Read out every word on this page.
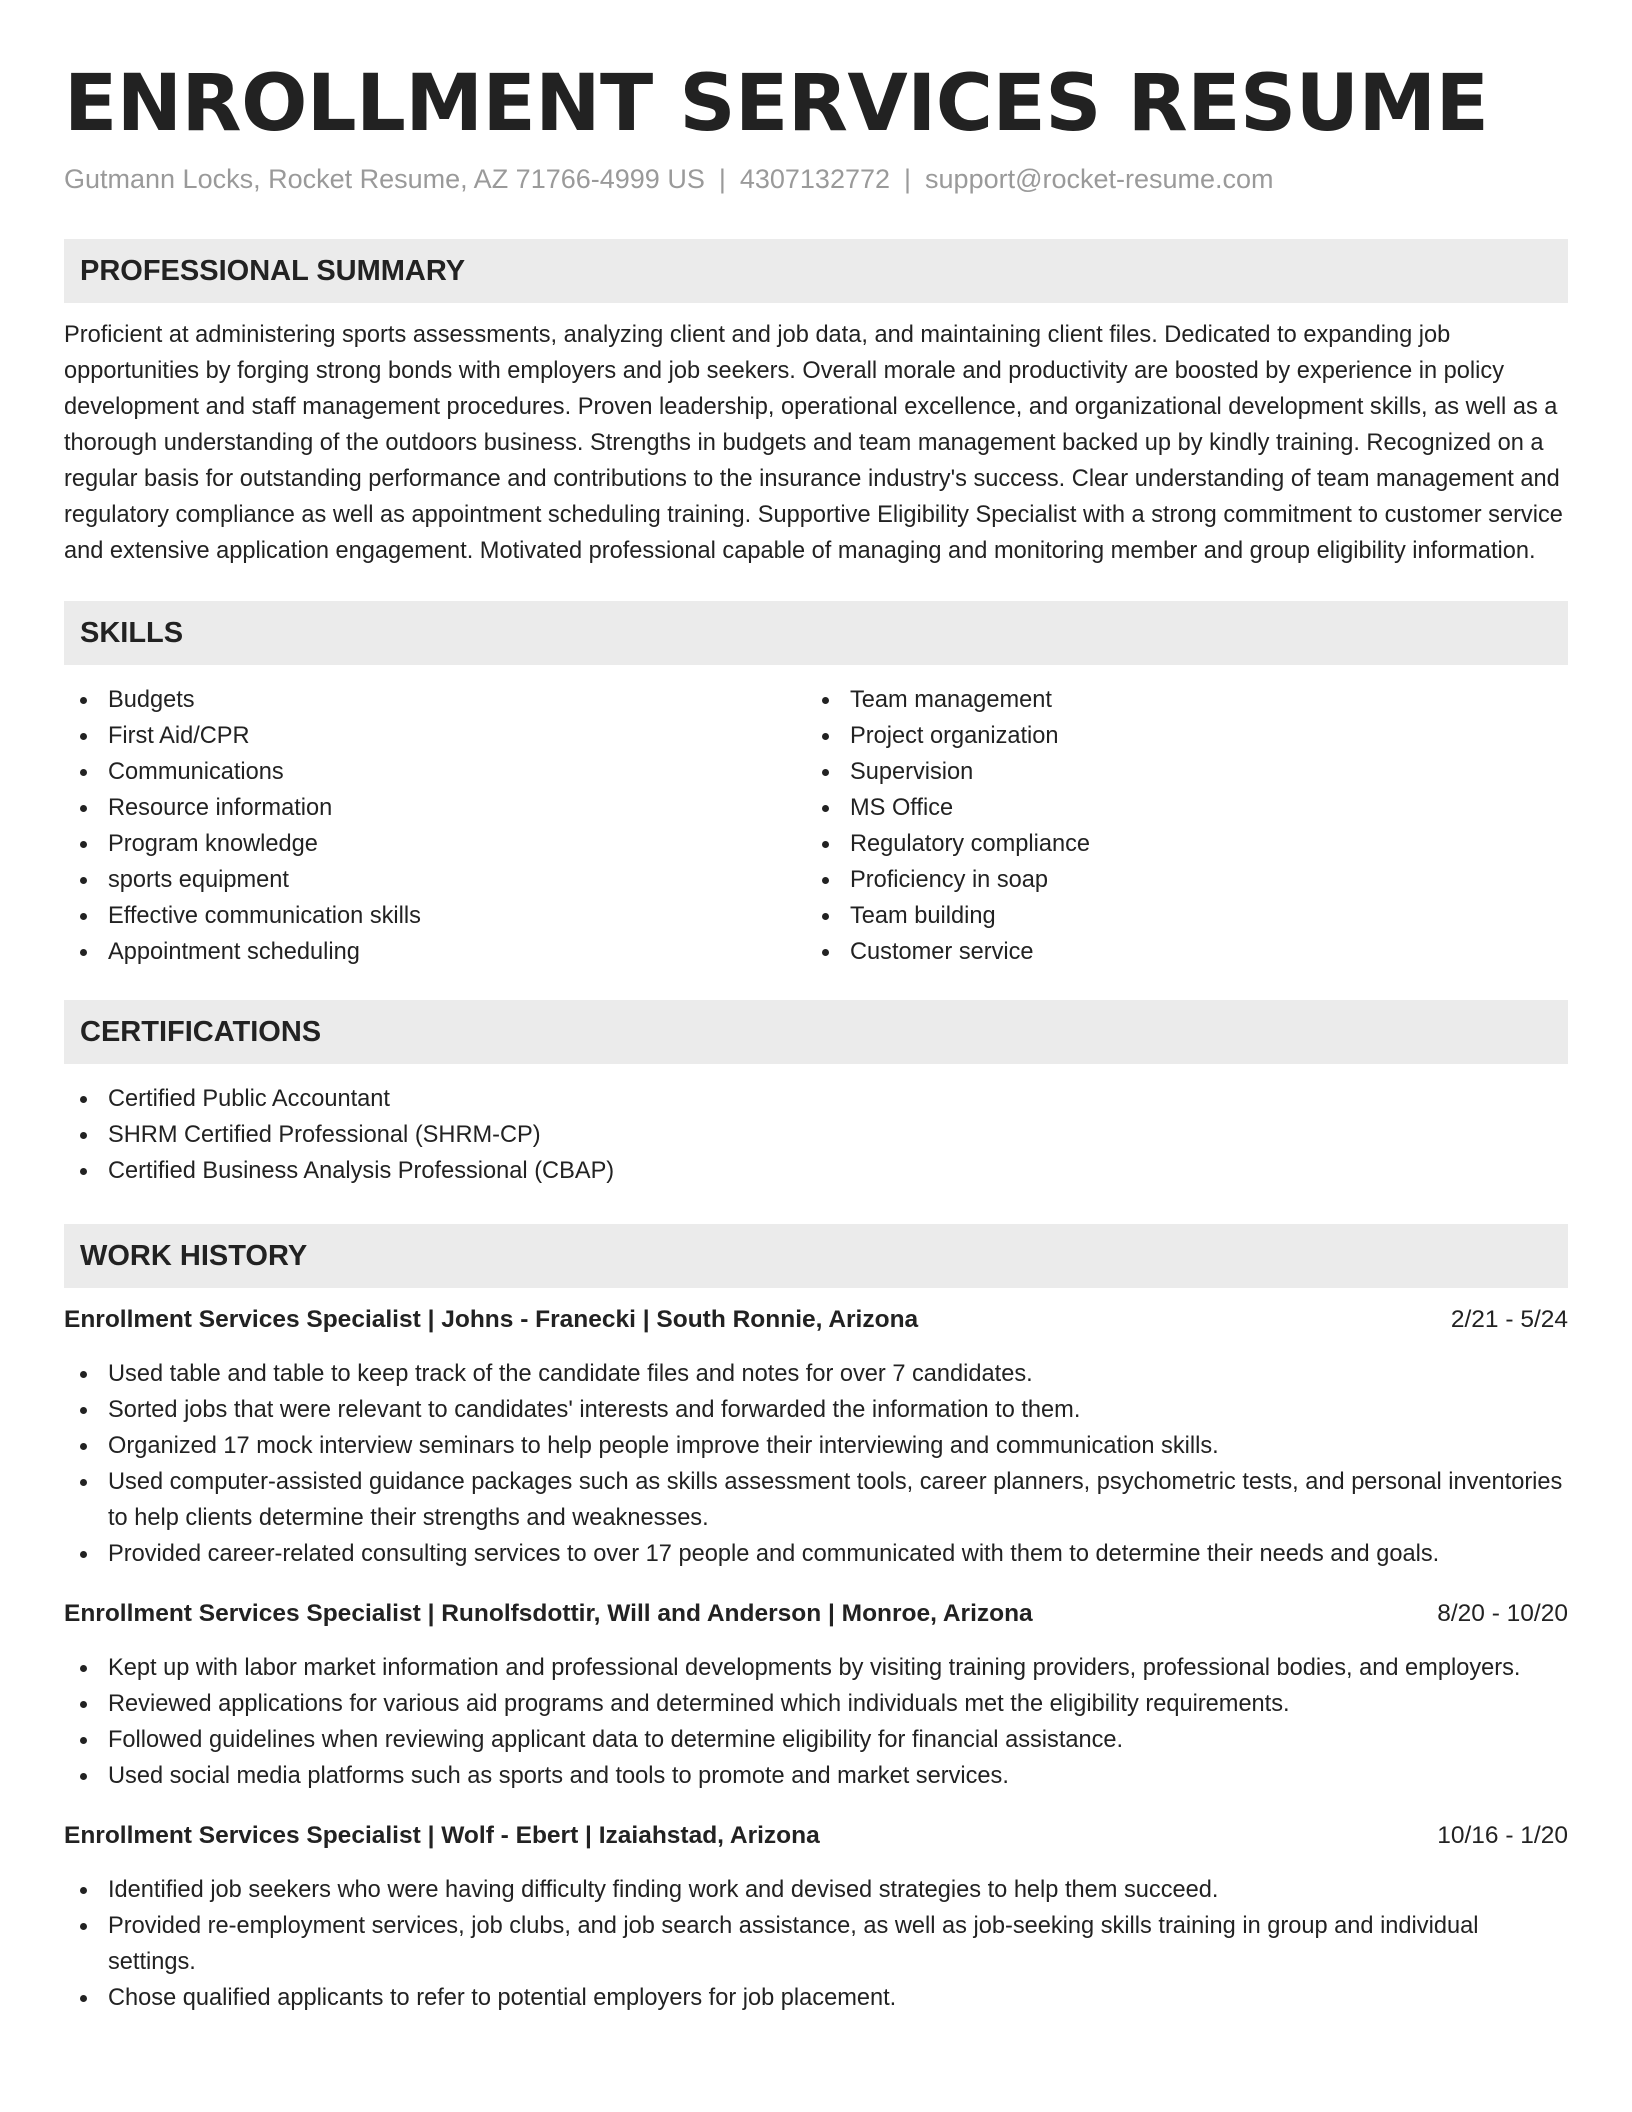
ENROLLMENT SERVICES RESUME
Gutmann Locks, Rocket Resume, AZ 71766-4999 US | 4307132772 | support@rocket-resume.com
PROFESSIONAL SUMMARY
Proficient at administering sports assessments, analyzing client and job data, and maintaining client files. Dedicated to expanding job opportunities by forging strong bonds with employers and job seekers. Overall morale and productivity are boosted by experience in policy development and staff management procedures. Proven leadership, operational excellence, and organizational development skills, as well as a thorough understanding of the outdoors business. Strengths in budgets and team management backed up by kindly training. Recognized on a regular basis for outstanding performance and contributions to the insurance industry's success. Clear understanding of team management and regulatory compliance as well as appointment scheduling training. Supportive Eligibility Specialist with a strong commitment to customer service and extensive application engagement. Motivated professional capable of managing and monitoring member and group eligibility information.
SKILLS
Budgets
First Aid/CPR
Communications
Resource information
Program knowledge
sports equipment
Effective communication skills
Appointment scheduling
Team management
Project organization
Supervision
MS Office
Regulatory compliance
Proficiency in soap
Team building
Customer service
CERTIFICATIONS
Certified Public Accountant
SHRM Certified Professional (SHRM-CP)
Certified Business Analysis Professional (CBAP)
WORK HISTORY
Enrollment Services Specialist | Johns - Franecki | South Ronnie, Arizona	2/21 - 5/24
Used table and table to keep track of the candidate files and notes for over 7 candidates.
Sorted jobs that were relevant to candidates' interests and forwarded the information to them.
Organized 17 mock interview seminars to help people improve their interviewing and communication skills.
Used computer-assisted guidance packages such as skills assessment tools, career planners, psychometric tests, and personal inventories to help clients determine their strengths and weaknesses.
Provided career-related consulting services to over 17 people and communicated with them to determine their needs and goals.
Enrollment Services Specialist | Runolfsdottir, Will and Anderson | Monroe, Arizona	8/20 - 10/20
Kept up with labor market information and professional developments by visiting training providers, professional bodies, and employers.
Reviewed applications for various aid programs and determined which individuals met the eligibility requirements.
Followed guidelines when reviewing applicant data to determine eligibility for financial assistance.
Used social media platforms such as sports and tools to promote and market services.
Enrollment Services Specialist | Wolf - Ebert | Izaiahstad, Arizona	10/16 - 1/20
Identified job seekers who were having difficulty finding work and devised strategies to help them succeed.
Provided re-employment services, job clubs, and job search assistance, as well as job-seeking skills training in group and individual settings.
Chose qualified applicants to refer to potential employers for job placement.
